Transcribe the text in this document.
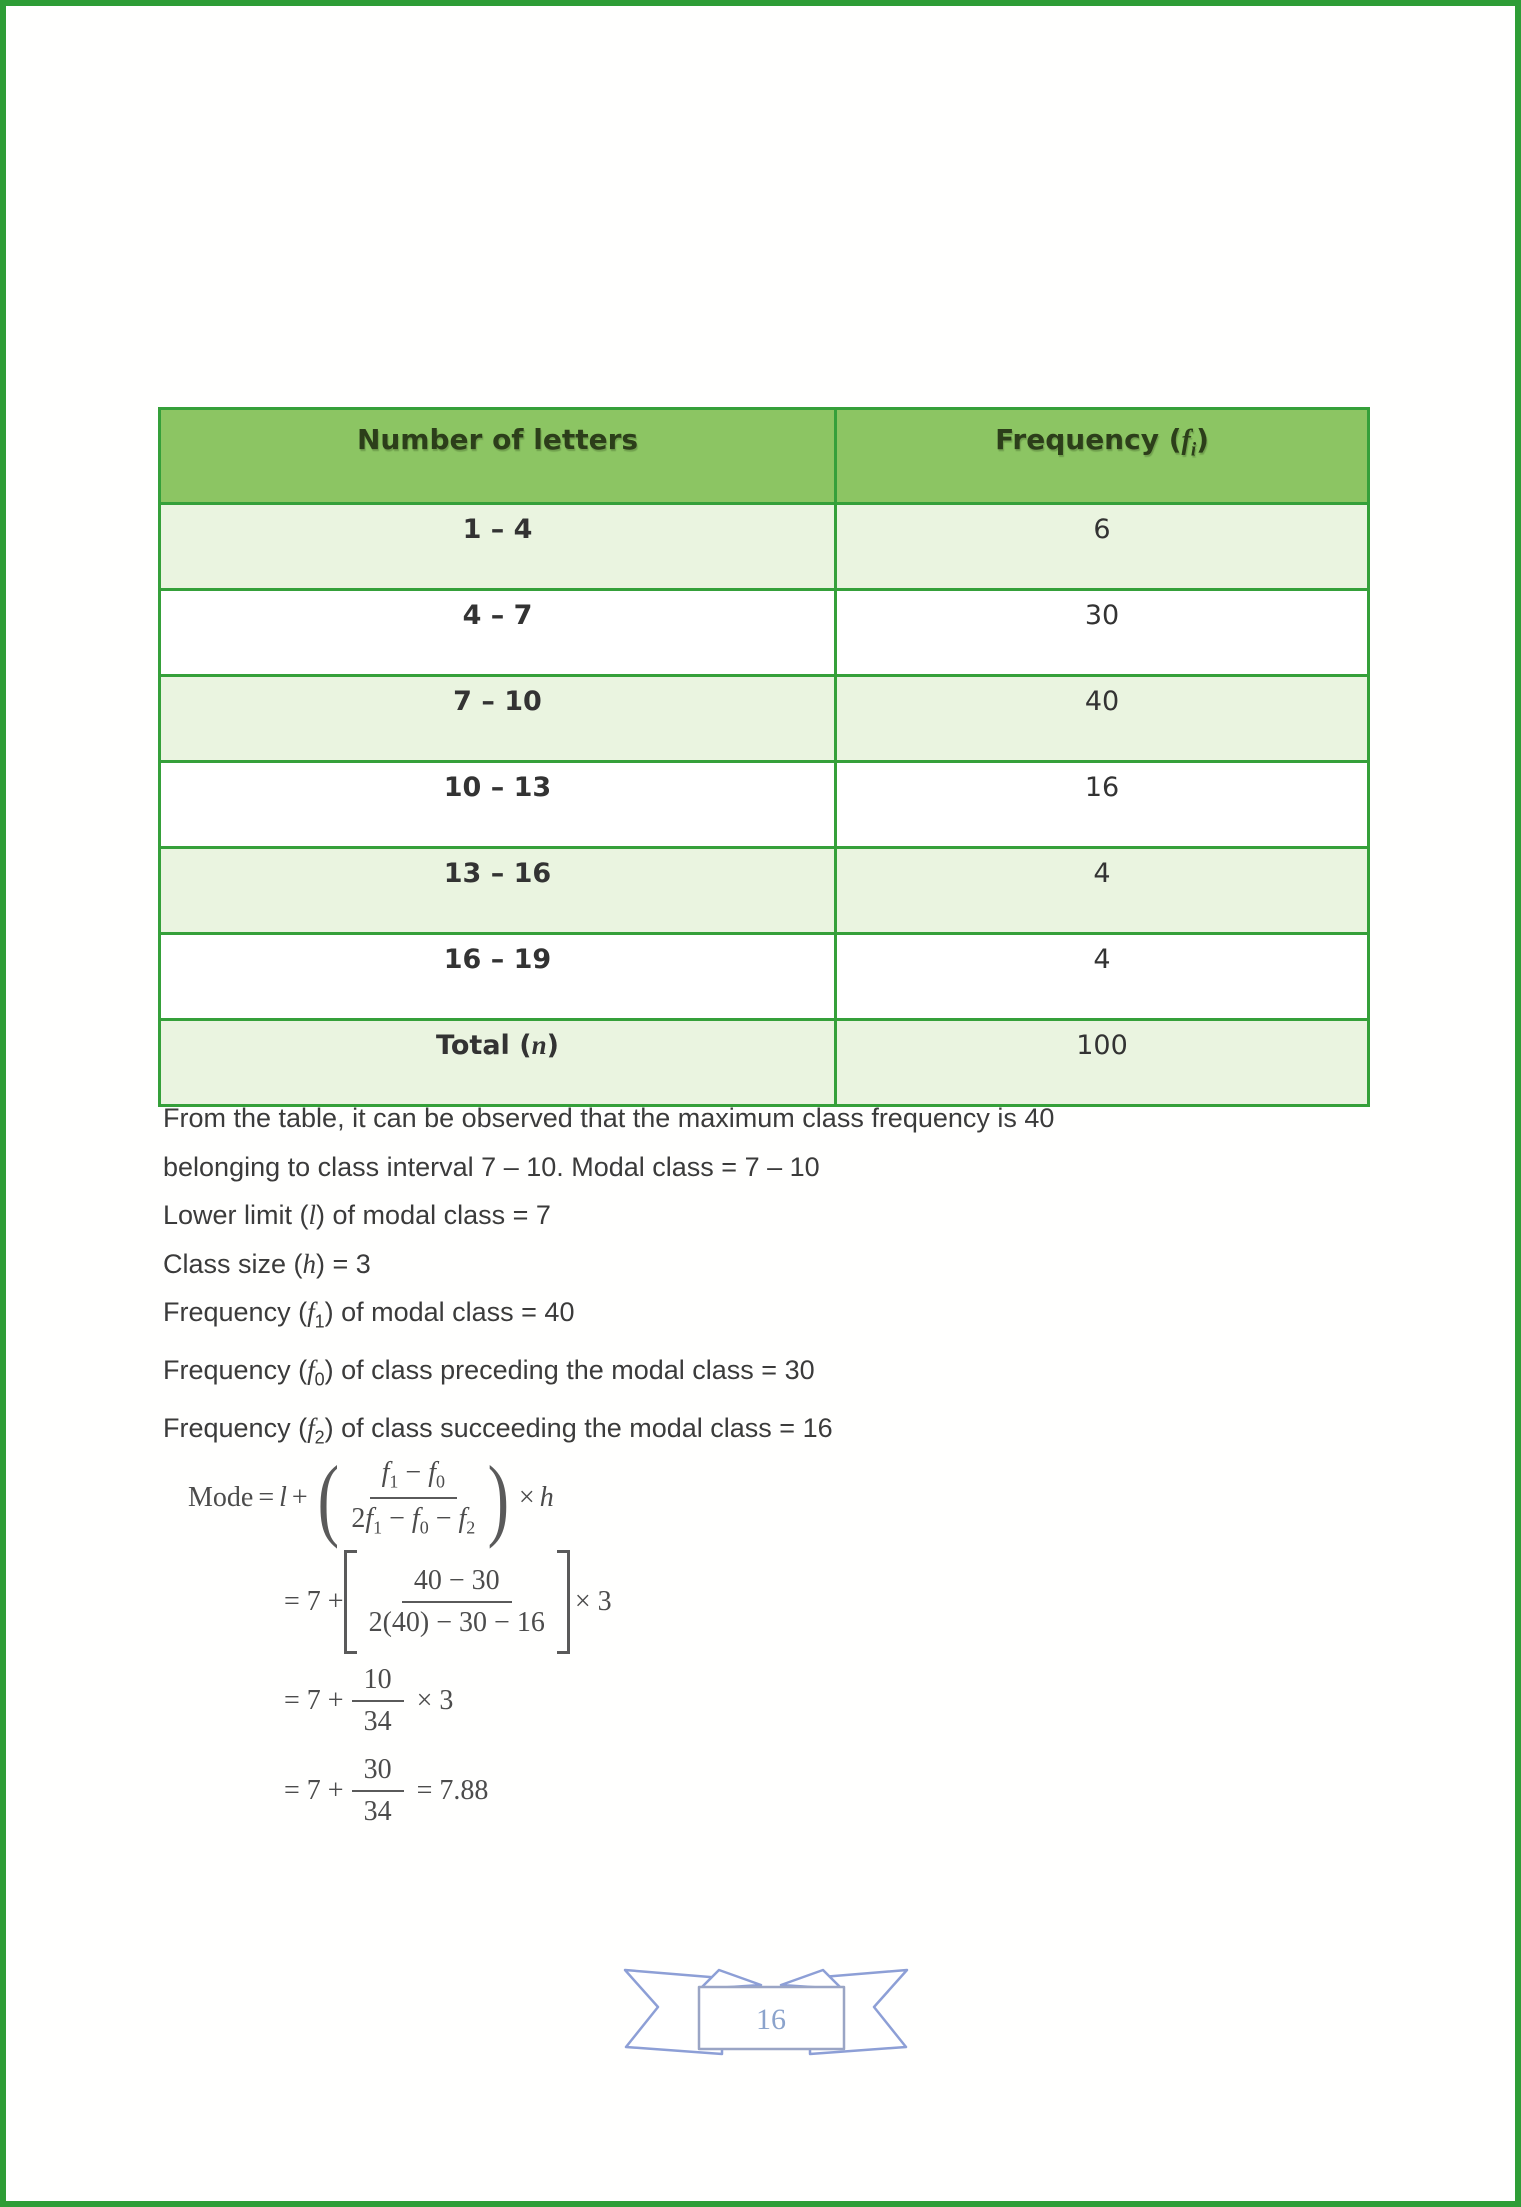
Number of letters	Frequency $(f_i)$
1 – 4	6
4 – 7	30
7 – 10	40
10 – 13	16
13 – 16	4
16 – 19	4
Total (n)	100
From the table, it can be observed that the maximum class frequency is 40
belonging to class interval 7 – 10. Modal class = 7 – 10
Lower limit (l) of modal class = 7
Class size (h) = 3
Frequency $(f_1)$ of modal class = 40
Frequency $(f_0)$ of class preceding the modal class = 30
Frequency $(f_2)$ of class succeeding the modal class = 16
Mode = l + ( $\frac{f_1 - f_0}{2f_1 - f_0 - f_2}$ ) × h
= $7 + \frac{40 - 30}{2(40) - 30 - 16} \times 3$
= $7 + \frac{10}{34} \times 3$
= $7 + \frac{30}{34} = 7.88$
16
